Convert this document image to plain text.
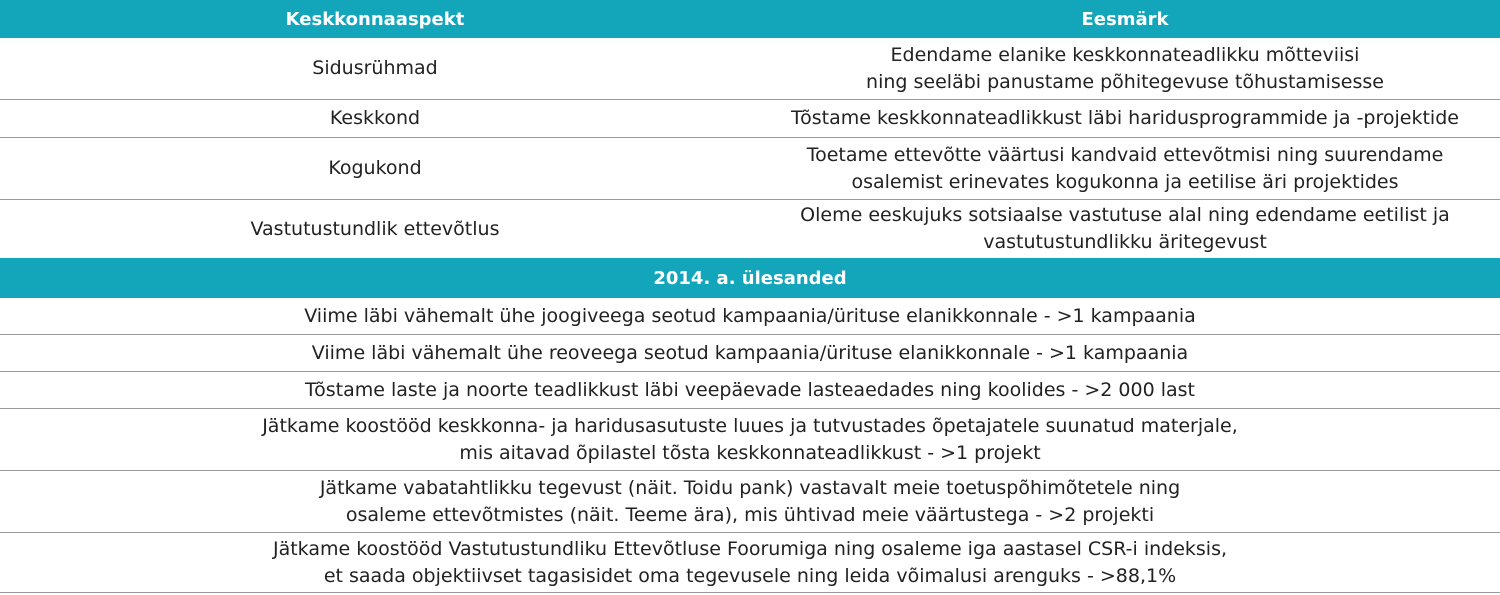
Keskkonnaaspekt	Eesmärk
Sidusrühmad
Edendame elanike keskkonnateadlikku mõtteviisi
ning seeläbi panustame põhitegevuse tõhustamisesse
Keskkond	Tõstame keskkonnateadlikkust läbi haridusprogrammide ja -projektide
Kogukond
Toetame ettevõtte väärtusi kandvaid ettevõtmisi ning suurendame
osalemist erinevates kogukonna ja eetilise äri projektides
Vastutustundlik ettevõtlus
Oleme eeskujuks sotsiaalse vastutuse alal ning edendame eetilist ja
vastutustundlikku äritegevust
2014. a. ülesanded
Viime läbi vähemalt ühe joogiveega seotud kampaania/ürituse elanikkonnale - >1 kampaania
Viime läbi vähemalt ühe reoveega seotud kampaania/ürituse elanikkonnale - >1 kampaania
Tõstame laste ja noorte teadlikkust läbi veepäevade lasteaedades ning koolides - >2 000 last
Jätkame koostööd keskkonna- ja haridusasutuste luues ja tutvustades õpetajatele suunatud materjale,
mis aitavad õpilastel tõsta keskkonnateadlikkust - >1 projekt
Jätkame vabatahtlikku tegevust (näit. Toidu pank) vastavalt meie toetuspõhimõtetele ning
osaleme ettevõtmistes (näit. Teeme ära), mis ühtivad meie väärtustega - >2 projekti
Jätkame koostööd Vastutustundliku Ettevõtluse Foorumiga ning osaleme iga aastasel CSR-i indeksis,
et saada objektiivset tagasisidet oma tegevusele ning leida võimalusi arenguks - >88,1%
